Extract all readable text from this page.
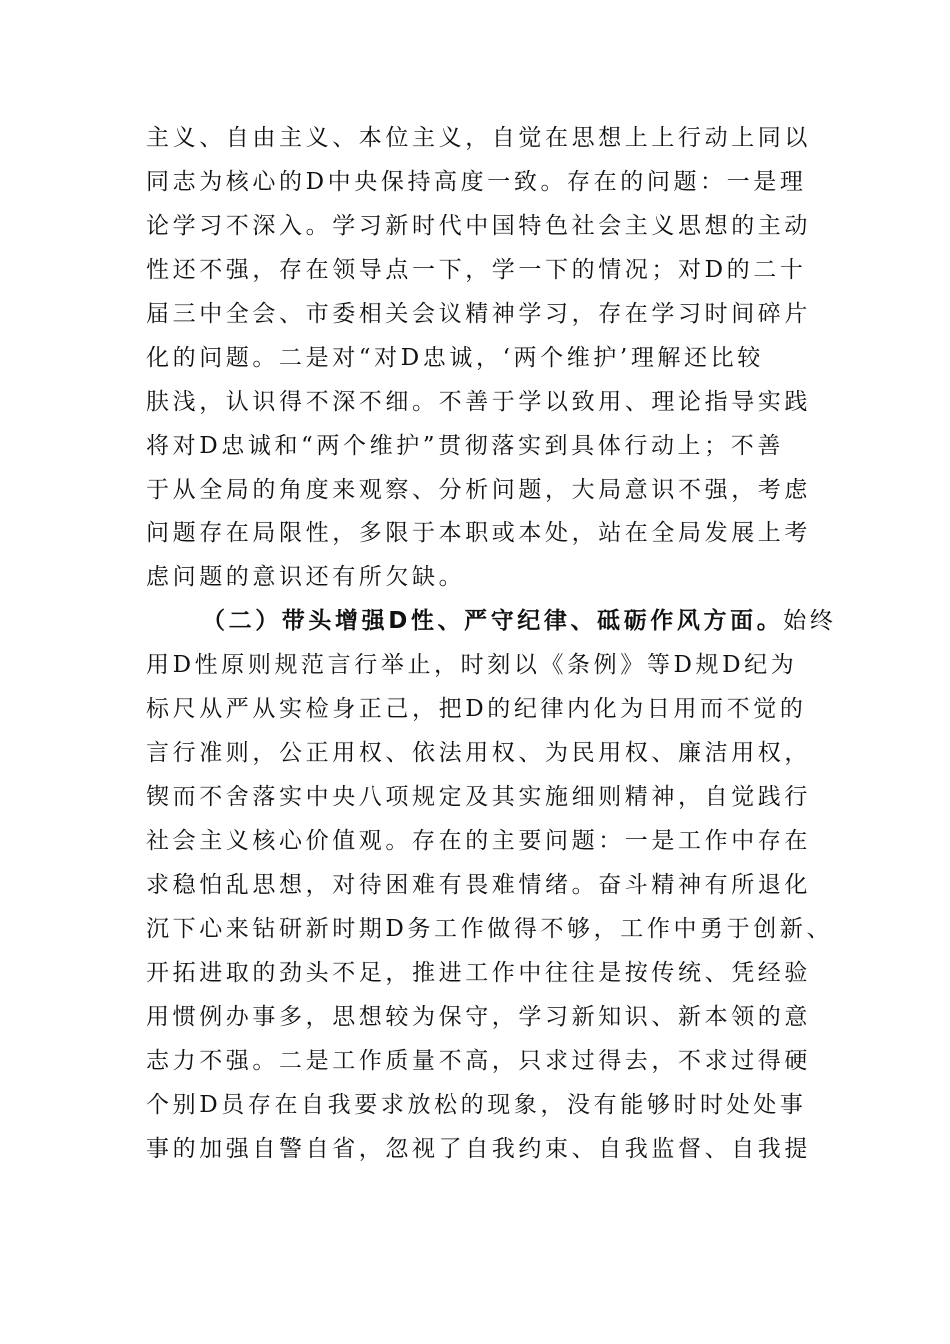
主义、自由主义、本位主义，自觉在思想上上行动上同以
同志为核心的D中央保持高度一致。存在的问题：一是理
论学习不深入。学习新时代中国特色社会主义思想的主动
性还不强，存在领导点一下，学一下的情况；对D的二十
届三中全会、市委相关会议精神学习，存在学习时间碎片
化的问题。二是对“对D忠诚，‘两个维护’理解还比较
肤浅，认识得不深不细。不善于学以致用、理论指导实践
将对D忠诚和“两个维护”贯彻落实到具体行动上；不善
于从全局的角度来观察、分析问题，大局意识不强，考虑
问题存在局限性，多限于本职或本处，站在全局发展上考
虑问题的意识还有所欠缺。
（二）带头增强D性、严守纪律、砥砺作风方面。始终
用D性原则规范言行举止，时刻以《条例》等D规D纪为
标尺从严从实检身正己，把D的纪律内化为日用而不觉的
言行准则，公正用权、依法用权、为民用权、廉洁用权，
锲而不舍落实中央八项规定及其实施细则精神，自觉践行
社会主义核心价值观。存在的主要问题：一是工作中存在
求稳怕乱思想，对待困难有畏难情绪。奋斗精神有所退化
沉下心来钻研新时期D务工作做得不够，工作中勇于创新、
开拓进取的劲头不足，推进工作中往往是按传统、凭经验
用惯例办事多，思想较为保守，学习新知识、新本领的意
志力不强。二是工作质量不高，只求过得去，不求过得硬
个别D员存在自我要求放松的现象，没有能够时时处处事
事的加强自警自省，忽视了自我约束、自我监督、自我提
